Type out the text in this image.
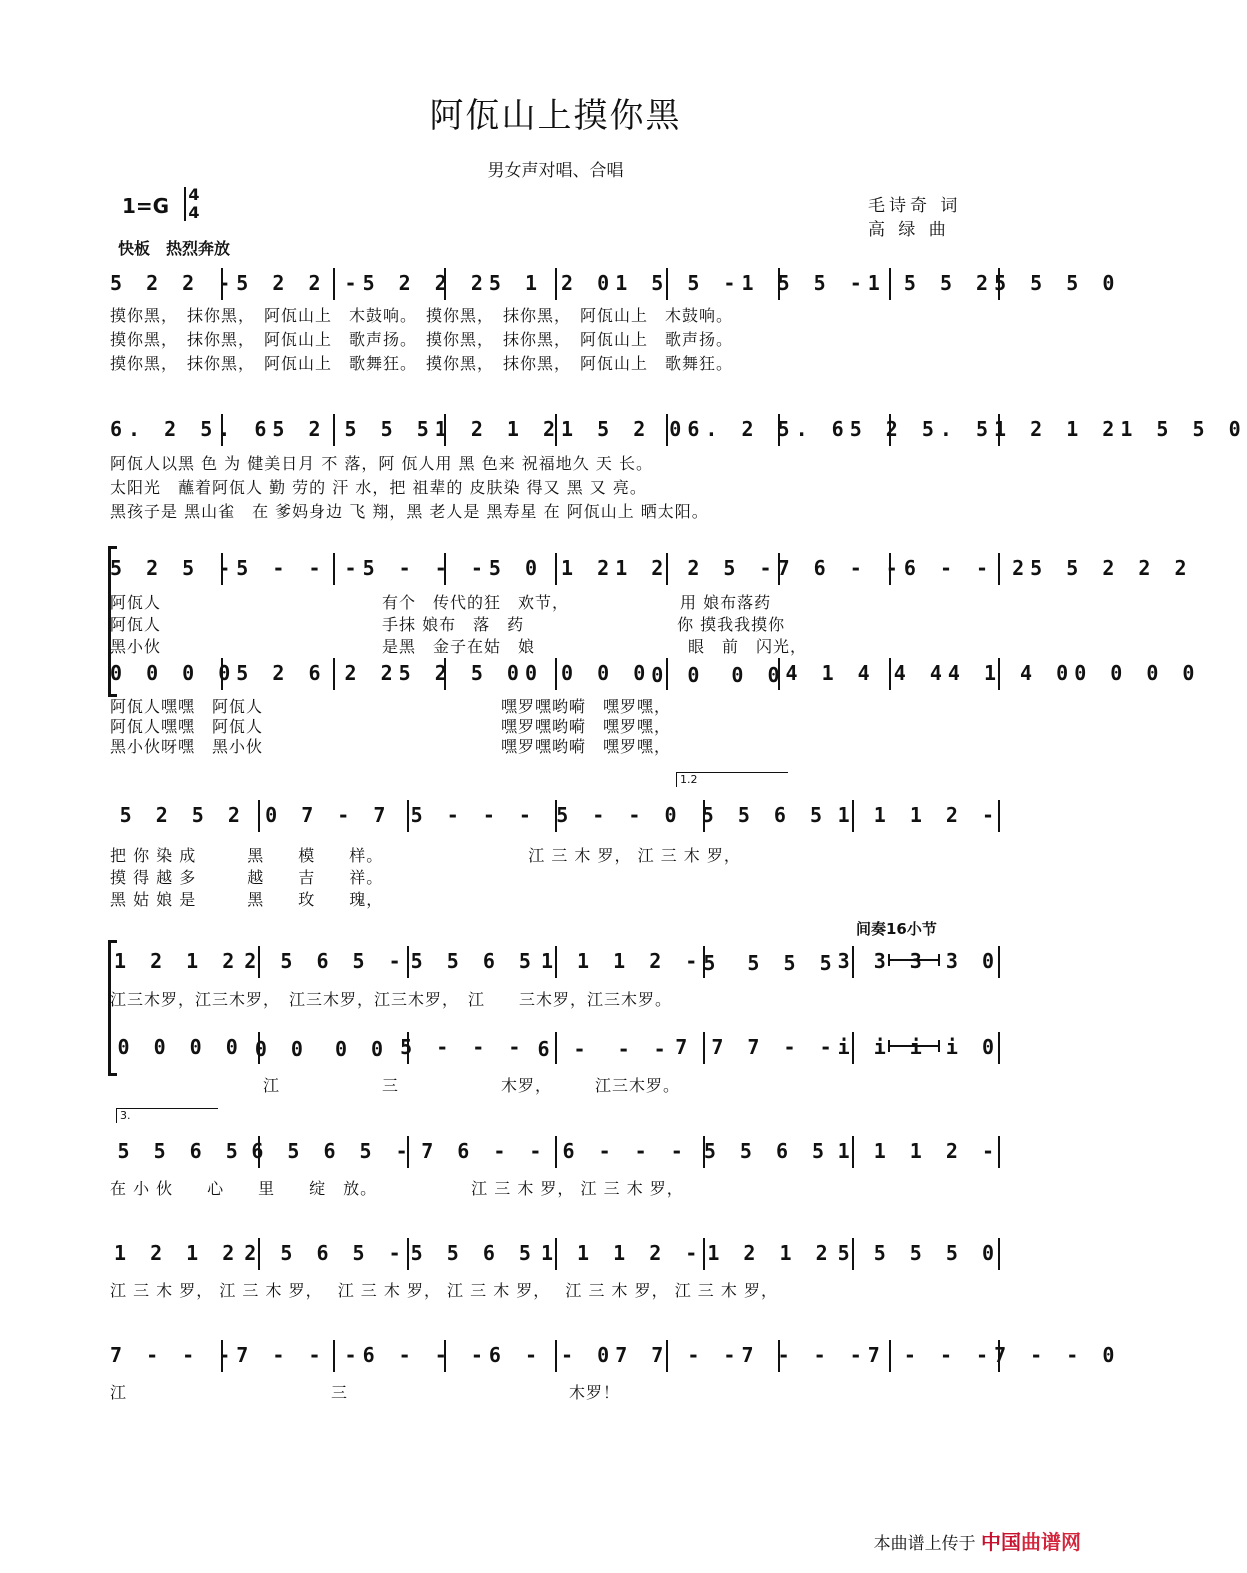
阿佤山上摸你黑
男女声对唱、合唱
1=G 4
4	毛诗奇 词
高 绿 曲
快板　热烈奔放
间奏16小节
1.2
3.
5 2 2 - 5 2 2 - 5 2 2 2 5 1 2 0 1 5 5 - 1 5 5 - 1 5 5 2 5 5 5 0
摸你黑，　抹你黑，　阿佤山上　木鼓响。　摸你黑，　抹你黑，　阿佤山上　木鼓响。
摸你黑，　抹你黑，　阿佤山上　歌声扬。　摸你黑，　抹你黑，　阿佤山上　歌声扬。
摸你黑，　抹你黑，　阿佤山上　歌舞狂。　摸你黑，　抹你黑，　阿佤山上　歌舞狂。
6. 2 5. 6 5 2 5 5 5 1 2 1 2 1 5 2 0 6. 2 5. 6 5 2 5. 5 1 2 1 2 1 5 5 0
阿佤人以黑 色 为 健美日月 不 落，阿 佤人用 黑 色来 祝福地久 天 长。
太阳光　蘸着阿佤人 勤 劳的 汗 水，把 祖辈的 皮肤染 得又 黑 又 亮。
黑孩子是 黑山雀　在 爹妈身边 飞 翔，黑 老人是 黑寿星 在 阿佤山上 晒太阳。
5 2 5 - 5 - - - 5 - - - 5 0 1 2 1 2 2 5 - 7 6 - - 6 - - 2 5 5 2 2 2
阿佤人　　　　　　　　　　　　　有个　传代的狂　欢节，　　　　　　　用 娘布落药
阿佤人　　　　　　　　　　　　　手抹 娘布　落　药　　　　　　　　　你 摸我我摸你
黑小伙　　　　　　　　　　　　　是黑　金子在姑　娘　　　　　　　　　眼　前　闪光，
0 0 0 0 5 2 6 2 2 5 2 5 0 0 0 0 0 0 0　0 0 4 1 4 4 4 4 1 4 0 0 0 0 0
阿佤人嘿嘿　阿佤人　　　　　　　　　　　　　　嘿罗嘿哟嗬　嘿罗嘿，
阿佤人嘿嘿　阿佤人　　　　　　　　　　　　　　嘿罗嘿哟嗬　嘿罗嘿，
黑小伙呀嘿　黑小伙　　　　　　　　　　　　　　嘿罗嘿哟嗬　嘿罗嘿，
5 2 5 2 0 7 - 7 5 - - - 5 - - 0 5 5 6 5 1 1 1 2 -
把 你 染 成　　　黑　　模　　样。　　　　　　　　　江 三 木 罗， 江 三 木 罗，
摸 得 越 多　　　越　　吉　　祥。
黑 姑 娘 是　　　黑　　玫　　瑰，
1 2 1 2 2 5 6 5 - 5 5 6 5 1 1 1 2 - 5　5 5 5 3 3 3 3 0
江三木罗，江三木罗，　江三木罗，江三木罗，　江　　三木罗，江三木罗。
0 0 0 0 0 0　0 0 5 - - - 6 -　- - 7 7 7 - - i i i i 0
　　　　　　　　　江　　　　　　三　　　　　　木罗，　　　江三木罗。
5 5 6 5 6 5 6 5 - 7 6 - - 6 - - - 5 5 6 5 1 1 1 2 -
在 小 伙　　心　　里　　绽　放。　　　　　　江 三 木 罗， 江 三 木 罗，
1 2 1 2 2 5 6 5 - 5 5 6 5 1 1 1 2 - 1 2 1 2 5 5 5 5 0
江 三 木 罗， 江 三 木 罗，　 江 三 木 罗， 江 三 木 罗，　 江 三 木 罗， 江 三 木 罗，
7 - - - 7 - - - 6 - - - 6 - - 0 7 7 - - 7 - - - 7 - - - 7 - - 0
江　　　　　　　　　　　　三　　　　　　　　　　　　　木罗！
本曲谱上传于 中国曲谱网
